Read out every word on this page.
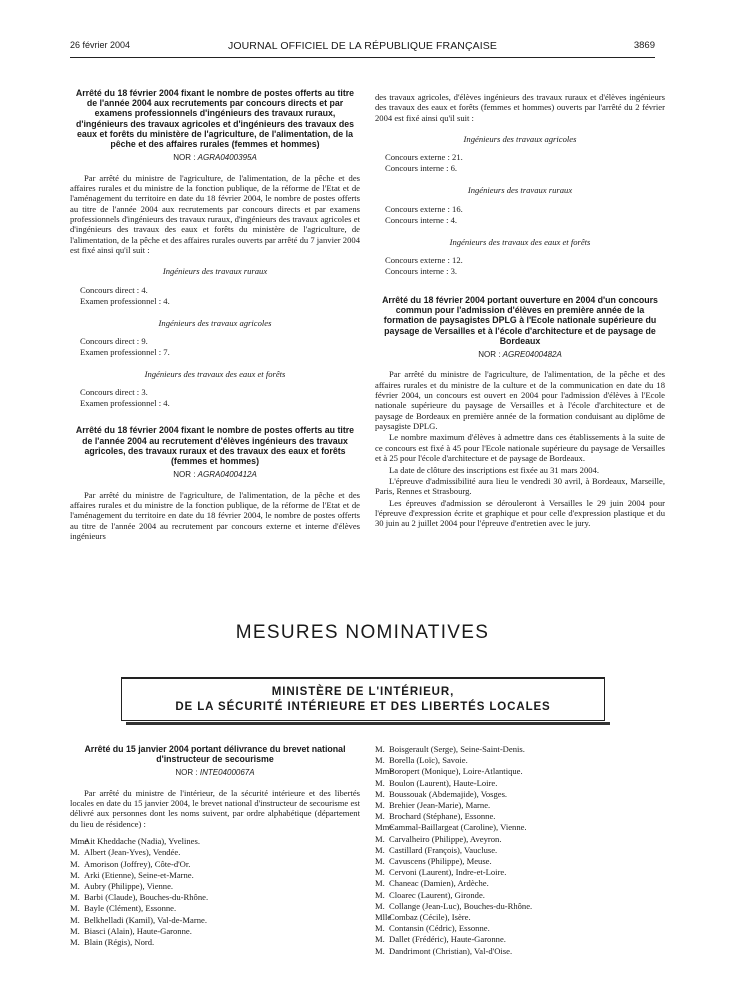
26 février 2004	JOURNAL OFFICIEL DE LA RÉPUBLIQUE FRANÇAISE	3869
Arrêté du 18 février 2004 fixant le nombre de postes offerts au titre de l'année 2004 aux recrutements par concours directs et par examens professionnels d'ingénieurs des travaux ruraux, d'ingénieurs des travaux agricoles et d'ingénieurs des travaux des eaux et forêts du ministère de l'agriculture, de l'alimentation, de la pêche et des affaires rurales (femmes et hommes)
NOR : AGRA0400395A

Par arrêté du ministre de l'agriculture, de l'alimentation, de la pêche et des affaires rurales et du ministre de la fonction publique, de la réforme de l'Etat et de l'aménagement du territoire en date du 18 février 2004, le nombre de postes offerts au titre de l'année 2004 aux recrutements par concours directs et par examens professionnels d'ingénieurs des travaux ruraux, d'ingénieurs des travaux agricoles et d'ingénieurs des travaux des eaux et forêts du ministère de l'agriculture, de l'alimentation, de la pêche et des affaires rurales ouverts par arrêté du 7 janvier 2004 est fixé ainsi qu'il suit :

Ingénieurs des travaux ruraux
Concours direct : 4.
Examen professionnel : 4.
Ingénieurs des travaux agricoles
Concours direct : 9.
Examen professionnel : 7.
Ingénieurs des travaux des eaux et forêts
Concours direct : 3.
Examen professionnel : 4.
Arrêté du 18 février 2004 fixant le nombre de postes offerts au titre de l'année 2004 au recrutement d'élèves ingénieurs des travaux agricoles, des travaux ruraux et des travaux des eaux et forêts (femmes et hommes)
NOR : AGRA0400412A

Par arrêté du ministre de l'agriculture, de l'alimentation, de la pêche et des affaires rurales et du ministre de la fonction publique, de la réforme de l'Etat et de l'aménagement du territoire en date du 18 février 2004, le nombre de postes offerts au titre de l'année 2004 au recrutement par concours externe et interne d'élèves ingénieurs

des travaux agricoles, d'élèves ingénieurs des travaux ruraux et d'élèves ingénieurs des travaux des eaux et forêts (femmes et hommes) ouverts par l'arrêté du 2 février 2004 est fixé ainsi qu'il suit :

Ingénieurs des travaux agricoles
Concours externe : 21.
Concours interne : 6.
Ingénieurs des travaux ruraux
Concours externe : 16.
Concours interne : 4.
Ingénieurs des travaux des eaux et forêts
Concours externe : 12.
Concours interne : 3.
Arrêté du 18 février 2004 portant ouverture en 2004 d'un concours commun pour l'admission d'élèves en première année de la formation de paysagistes DPLG à l'Ecole nationale supérieure du paysage de Versailles et à l'école d'architecture et de paysage de Bordeaux
NOR : AGRE0400482A

Par arrêté du ministre de l'agriculture, de l'alimentation, de la pêche et des affaires rurales et du ministre de la culture et de la communication en date du 18 février 2004, un concours est ouvert en 2004 pour l'admission d'élèves à l'Ecole nationale supérieure du paysage de Versailles et à l'école d'architecture et de paysage de Bordeaux en première année de la formation conduisant au diplôme de paysagiste DPLG.

Le nombre maximum d'élèves à admettre dans ces établissements à la suite de ce concours est fixé à 45 pour l'Ecole nationale supérieure du paysage de Versailles et à 25 pour l'école d'architecture et de paysage de Bordeaux.

La date de clôture des inscriptions est fixée au 31 mars 2004.

L'épreuve d'admissibilité aura lieu le vendredi 30 avril, à Bordeaux, Marseille, Paris, Rennes et Strasbourg.

Les épreuves d'admission se dérouleront à Versailles le 29 juin 2004 pour l'épreuve d'expression écrite et graphique et pour celle d'expression plastique et du 30 juin au 2 juillet 2004 pour l'épreuve d'entretien avec le jury.

MESURES NOMINATIVES
MINISTÈRE DE L'INTÉRIEUR,
DE LA SÉCURITÉ INTÉRIEURE ET DES LIBERTÉS LOCALES
Arrêté du 15 janvier 2004 portant délivrance du brevet national d'instructeur de secourisme
NOR : INTE0400067A

Par arrêté du ministre de l'intérieur, de la sécurité intérieure et des libertés locales en date du 15 janvier 2004, le brevet national d'instructeur de secourisme est délivré aux personnes dont les noms suivent, par ordre alphabétique (département du lieu de résidence) :

MmeAit Kheddache (Nadia), Yvelines.
M. Albert (Jean-Yves), Vendée.
M. Amorison (Joffrey), Côte-d'Or.
M. Arki (Etienne), Seine-et-Marne.
M. Aubry (Philippe), Vienne.
M. Barbi (Claude), Bouches-du-Rhône.
M. Bayle (Clément), Essonne.
M. Belkhelladi (Kamil), Val-de-Marne.
M. Biasci (Alain), Haute-Garonne.
M. Blain (Régis), Nord.
M. Boisgerault (Serge), Seine-Saint-Denis.
M. Borella (Loïc), Savoie.
MmeBoropert (Monique), Loire-Atlantique.
M. Boulon (Laurent), Haute-Loire.
M. Boussouak (Abdemajide), Vosges.
M. Brehier (Jean-Marie), Marne.
M. Brochard (Stéphane), Essonne.
MmeCammal-Baillargeat (Caroline), Vienne.
M. Carvalheiro (Philippe), Aveyron.
M. Castillard (François), Vaucluse.
M. Cavuscens (Philippe), Meuse.
M. Cervoni (Laurent), Indre-et-Loire.
M. Chaneac (Damien), Ardèche.
M. Cloarec (Laurent), Gironde.
M. Collange (Jean-Luc), Bouches-du-Rhône.
MlleCombaz (Cécile), Isère.
M. Contansin (Cédric), Essonne.
M. Dallet (Frédéric), Haute-Garonne.
M. Dandrimont (Christian), Val-d'Oise.
